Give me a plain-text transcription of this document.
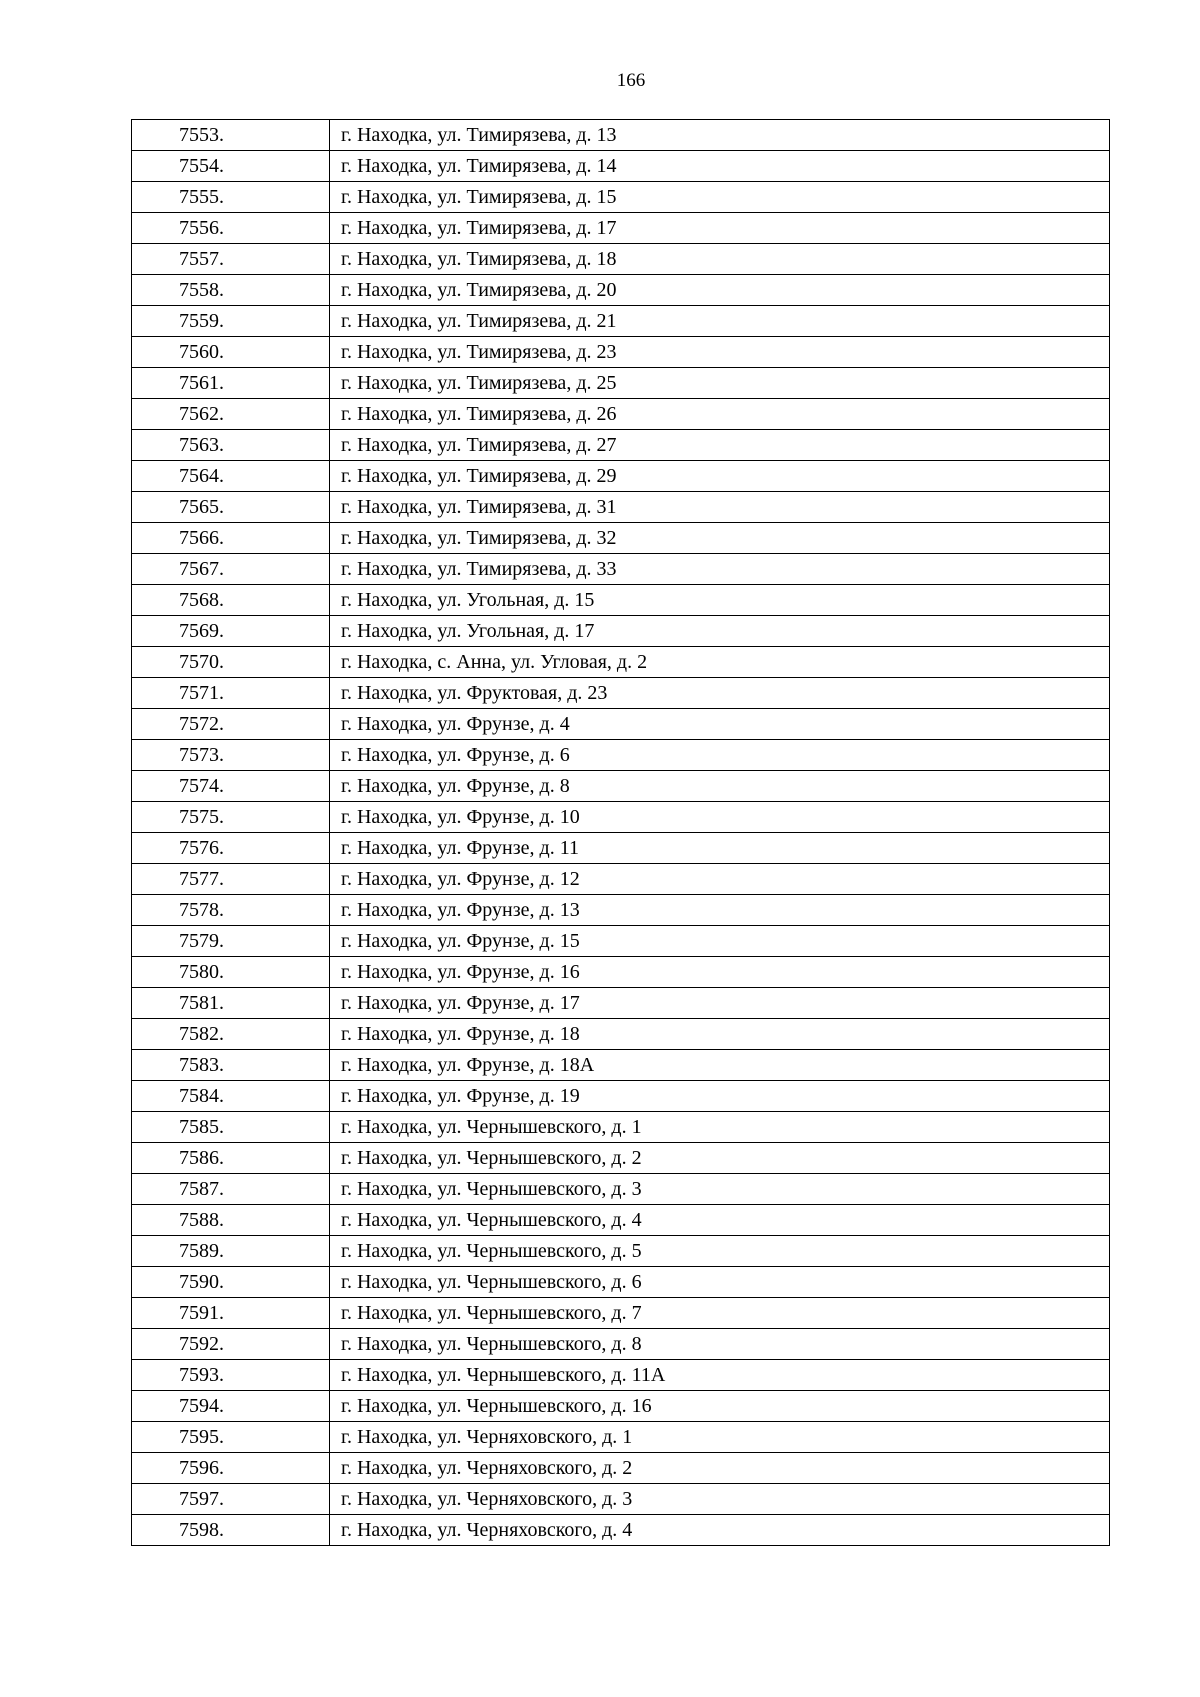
166
7553.	г. Находка, ул. Тимирязева, д. 13
7554.	г. Находка, ул. Тимирязева, д. 14
7555.	г. Находка, ул. Тимирязева, д. 15
7556.	г. Находка, ул. Тимирязева, д. 17
7557.	г. Находка, ул. Тимирязева, д. 18
7558.	г. Находка, ул. Тимирязева, д. 20
7559.	г. Находка, ул. Тимирязева, д. 21
7560.	г. Находка, ул. Тимирязева, д. 23
7561.	г. Находка, ул. Тимирязева, д. 25
7562.	г. Находка, ул. Тимирязева, д. 26
7563.	г. Находка, ул. Тимирязева, д. 27
7564.	г. Находка, ул. Тимирязева, д. 29
7565.	г. Находка, ул. Тимирязева, д. 31
7566.	г. Находка, ул. Тимирязева, д. 32
7567.	г. Находка, ул. Тимирязева, д. 33
7568.	г. Находка, ул. Угольная, д. 15
7569.	г. Находка, ул. Угольная, д. 17
7570.	г. Находка, с. Анна, ул. Угловая, д. 2
7571.	г. Находка, ул. Фруктовая, д. 23
7572.	г. Находка, ул. Фрунзе, д. 4
7573.	г. Находка, ул. Фрунзе, д. 6
7574.	г. Находка, ул. Фрунзе, д. 8
7575.	г. Находка, ул. Фрунзе, д. 10
7576.	г. Находка, ул. Фрунзе, д. 11
7577.	г. Находка, ул. Фрунзе, д. 12
7578.	г. Находка, ул. Фрунзе, д. 13
7579.	г. Находка, ул. Фрунзе, д. 15
7580.	г. Находка, ул. Фрунзе, д. 16
7581.	г. Находка, ул. Фрунзе, д. 17
7582.	г. Находка, ул. Фрунзе, д. 18
7583.	г. Находка, ул. Фрунзе, д. 18А
7584.	г. Находка, ул. Фрунзе, д. 19
7585.	г. Находка, ул. Чернышевского, д. 1
7586.	г. Находка, ул. Чернышевского, д. 2
7587.	г. Находка, ул. Чернышевского, д. 3
7588.	г. Находка, ул. Чернышевского, д. 4
7589.	г. Находка, ул. Чернышевского, д. 5
7590.	г. Находка, ул. Чернышевского, д. 6
7591.	г. Находка, ул. Чернышевского, д. 7
7592.	г. Находка, ул. Чернышевского, д. 8
7593.	г. Находка, ул. Чернышевского, д. 11А
7594.	г. Находка, ул. Чернышевского, д. 16
7595.	г. Находка, ул. Черняховского, д. 1
7596.	г. Находка, ул. Черняховского, д. 2
7597.	г. Находка, ул. Черняховского, д. 3
7598.	г. Находка, ул. Черняховского, д. 4
